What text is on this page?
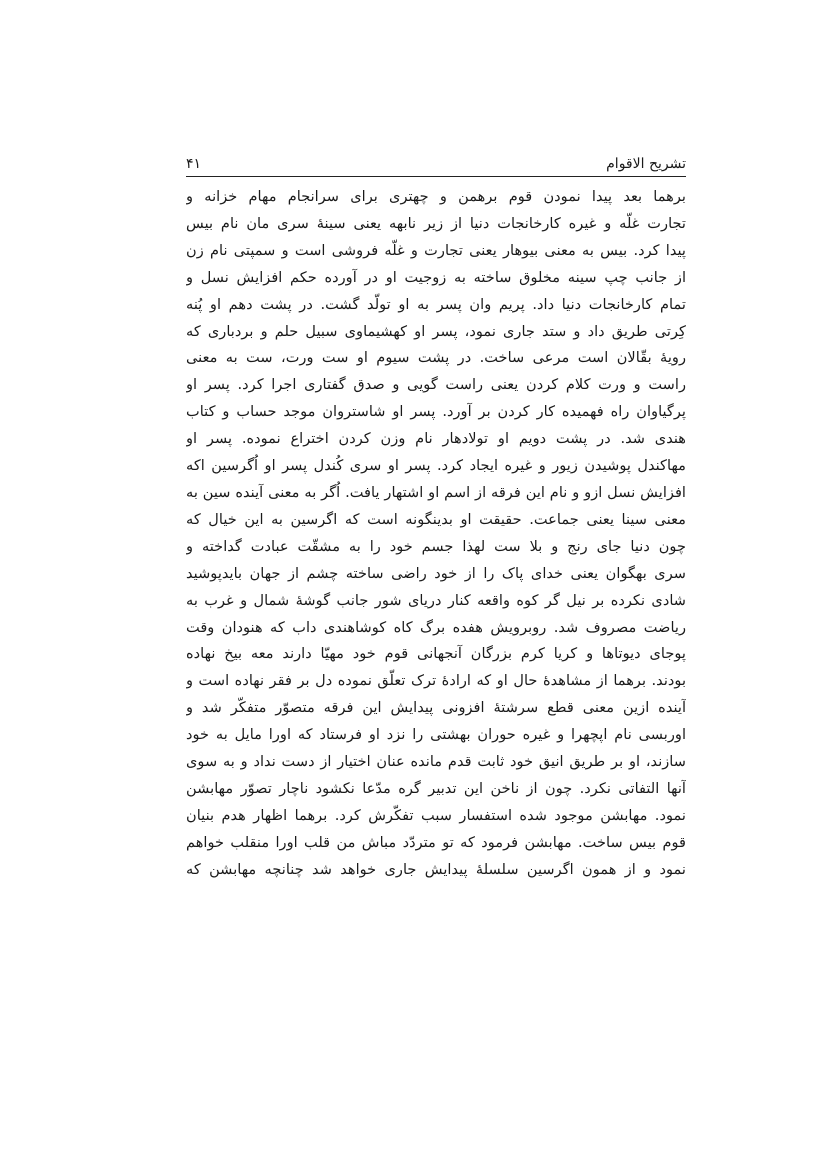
تشریح الاقوام
۴۱
برهما بعد پیدا نمودن قوم برهمن و چهتری برای سرانجام مهام خزانه و
تجارت غلّه و غیره کارخانجات دنیا از زیر نابهه یعنی سینهٔ سری مان نام بیس
پیدا کرد. بیس به معنی بیوهار یعنی تجارت و غلّه فروشی است و سمپتی نام زن
از جانب چپ سینه مخلوق ساخته به زوجیت او در آورده حکم افزایش نسل و
تمام کارخانجات دنیا داد. پریم وان پسر به او تولّد گشت. در پشت دهم او پُنه
کِرتی طریق داد و ستد جاری نمود، پسر او کهشیماوی سبیل حلم و بردباری که
رویهٔ بقّالان است مرعی ساخت. در پشت سیوم او ست ورت، ست به معنی
راست و ورت کلام کردن یعنی راست گویی و صدق گفتاری اجرا کرد. پسر او
پرگیاوان راه فهمیده کار کردن بر آورد. پسر او شاستروان موجد حساب و کتاب
هندی شد. در پشت دویم او تولادهار نام وزن کردن اختراع نموده. پسر او
مهاکندل پوشیدن زیور و غیره ایجاد کرد. پسر او سری کُندل پسر او اُگرسین اکه
افزایش نسل ازو و نام این فرقه از اسم او اشتهار یافت. اُگر به معنی آینده سین به
معنی سینا یعنی جماعت. حقیقت او بدینگونه است که اگرسین به این خیال که
چون دنیا جای رنج و بلا ست لهذا جسم خود را به مشقّت عبادت گداخته و
سری بهگوان یعنی خدای پاک را از خود راضی ساخته چشم از جهان بایدپوشید
شادی نکرده بر نیل گر کوه واقعه کنار دریای شور جانب گوشهٔ شمال و غرب به
ریاضت مصروف شد. روبرویش هفده برگ کاه کوشاهندی داب که هنودان وقت
پوجای دیوتاها و کریا کرم بزرگان آنجهانی قوم خود مهیّا دارند معه بیخ نهاده
بودند. برهما از مشاهدهٔ حال او که ارادهٔ ترک تعلّق نموده دل بر فقر نهاده است و
آینده ازین معنی قطع سرشتهٔ افزونی پیدایش این فرقه متصوّر متفکّر شد و
اوربسی نام اپچهرا و غیره حوران بهشتی را نزد او فرستاد که اورا مایل به خود
سازند، او بر طریق انیق خود ثابت قدم مانده عنان اختیار از دست نداد و به سوی
آنها التفاتی نکرد. چون از ناخن این تدبیر گره مدّعا نکشود ناچار تصوّر مهابشن
نمود. مهابشن موجود شده استفسار سبب تفکّرش کرد. برهما اظهار هدم بنیان
قوم بیس ساخت. مهابشن فرمود که تو متردّد مباش من قلب اورا منقلب خواهم
نمود و از همون اگرسین سلسلهٔ پیدایش جاری خواهد شد چنانچه مهابشن که
